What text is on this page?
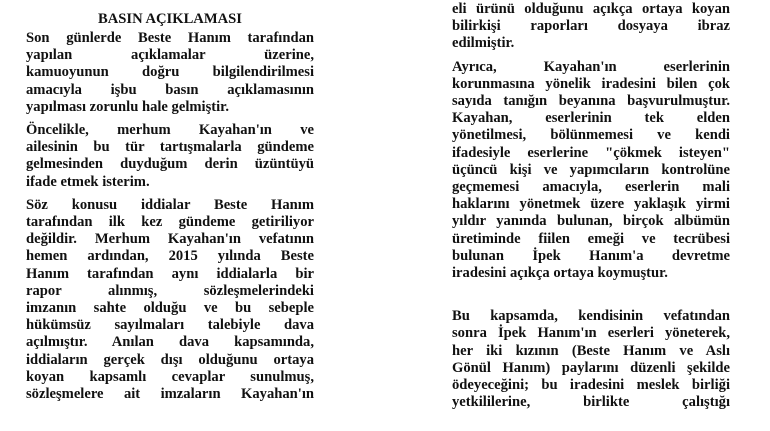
BASIN AÇIKLAMASI
Son günlerde Beste Hanım tarafından
yapılan açıklamalar üzerine,
kamuoyunun doğru bilgilendirilmesi
amacıyla işbu basın açıklamasının
yapılması zorunlu hale gelmiştir.
Öncelikle, merhum Kayahan'ın ve
ailesinin bu tür tartışmalarla gündeme
gelmesinden duyduğum derin üzüntüyü
ifade etmek isterim.
Söz konusu iddialar Beste Hanım
tarafından ilk kez gündeme getiriliyor
değildir. Merhum Kayahan'ın vefatının
hemen ardından, 2015 yılında Beste
Hanım tarafından aynı iddialarla bir
rapor alınmış, sözleşmelerindeki
imzanın sahte olduğu ve bu sebeple
hükümsüz sayılmaları talebiyle dava
açılmıştır. Anılan dava kapsamında,
iddiaların gerçek dışı olduğunu ortaya
koyan kapsamlı cevaplar sunulmuş,
sözleşmelere ait imzaların Kayahan'ın
eli ürünü olduğunu açıkça ortaya koyan
bilirkişi raporları dosyaya ibraz
edilmiştir.
Ayrıca, Kayahan'ın eserlerinin
korunmasına yönelik iradesini bilen çok
sayıda tanığın beyanına başvurulmuştur.
Kayahan, eserlerinin tek elden
yönetilmesi, bölünmemesi ve kendi
ifadesiyle eserlerine "çökmek isteyen"
üçüncü kişi ve yapımcıların kontrolüne
geçmemesi amacıyla, eserlerin mali
haklarını yönetmek üzere yaklaşık yirmi
yıldır yanında bulunan, birçok albümün
üretiminde fiilen emeği ve tecrübesi
bulunan İpek Hanım'a devretme
iradesini açıkça ortaya koymuştur.
Bu kapsamda, kendisinin vefatından
sonra İpek Hanım'ın eserleri yöneterek,
her iki kızının (Beste Hanım ve Aslı
Gönül Hanım) paylarını düzenli şekilde
ödeyeceğini; bu iradesini meslek birliği
yetkililerine, birlikte çalıştığı
